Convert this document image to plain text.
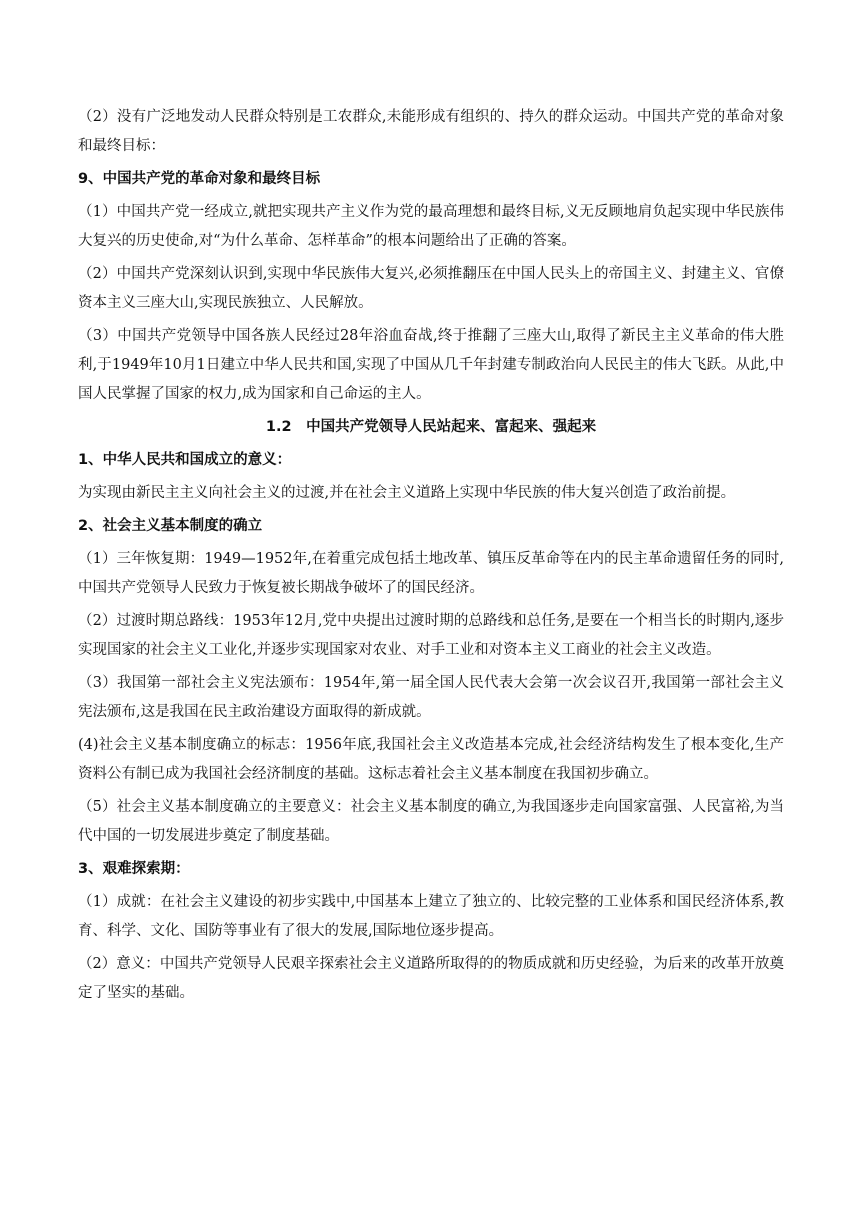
（2）没有广泛地发动人民群众特别是工农群众,未能形成有组织的、持久的群众运动。中国共产党的革命对象和最终目标：

9、中国共产党的革命对象和最终目标

（1）中国共产党一经成立,就把实现共产主义作为党的最高理想和最终目标,义无反顾地肩负起实现中华民族伟大复兴的历史使命,对“为什么革命、怎样革命”的根本问题给出了正确的答案。

（2）中国共产党深刻认识到,实现中华民族伟大复兴,必须推翻压在中国人民头上的帝国主义、封建主义、官僚资本主义三座大山,实现民族独立、人民解放。

（3）中国共产党领导中国各族人民经过28年浴血奋战,终于推翻了三座大山,取得了新民主主义革命的伟大胜利,于1949年10月1日建立中华人民共和国,实现了中国从几千年封建专制政治向人民民主的伟大飞跃。从此,中国人民掌握了国家的权力,成为国家和自己命运的主人。

1.2　中国共产党领导人民站起来、富起来、强起来

1、中华人民共和国成立的意义：

为实现由新民主主义向社会主义的过渡,并在社会主义道路上实现中华民族的伟大复兴创造了政治前提。

2、社会主义基本制度的确立

（1）三年恢复期：1949—1952年,在着重完成包括土地改革、镇压反革命等在内的民主革命遗留任务的同时,中国共产党领导人民致力于恢复被长期战争破坏了的国民经济。

（2）过渡时期总路线：1953年12月,党中央提出过渡时期的总路线和总任务,是要在一个相当长的时期内,逐步实现国家的社会主义工业化,并逐步实现国家对农业、对手工业和对资本主义工商业的社会主义改造。

（3）我国第一部社会主义宪法颁布：1954年,第一届全国人民代表大会第一次会议召开,我国第一部社会主义宪法颁布,这是我国在民主政治建设方面取得的新成就。

(4)社会主义基本制度确立的标志：1956年底,我国社会主义改造基本完成,社会经济结构发生了根本变化,生产资料公有制已成为我国社会经济制度的基础。这标志着社会主义基本制度在我国初步确立。

（5）社会主义基本制度确立的主要意义：社会主义基本制度的确立,为我国逐步走向国家富强、人民富裕,为当代中国的一切发展进步奠定了制度基础。

3、艰难探索期：

（1）成就：在社会主义建设的初步实践中,中国基本上建立了独立的、比较完整的工业体系和国民经济体系,教育、科学、文化、国防等事业有了很大的发展,国际地位逐步提高。

（2）意义：中国共产党领导人民艰辛探索社会主义道路所取得的的物质成就和历史经验，为后来的改革开放奠定了坚实的基础。
